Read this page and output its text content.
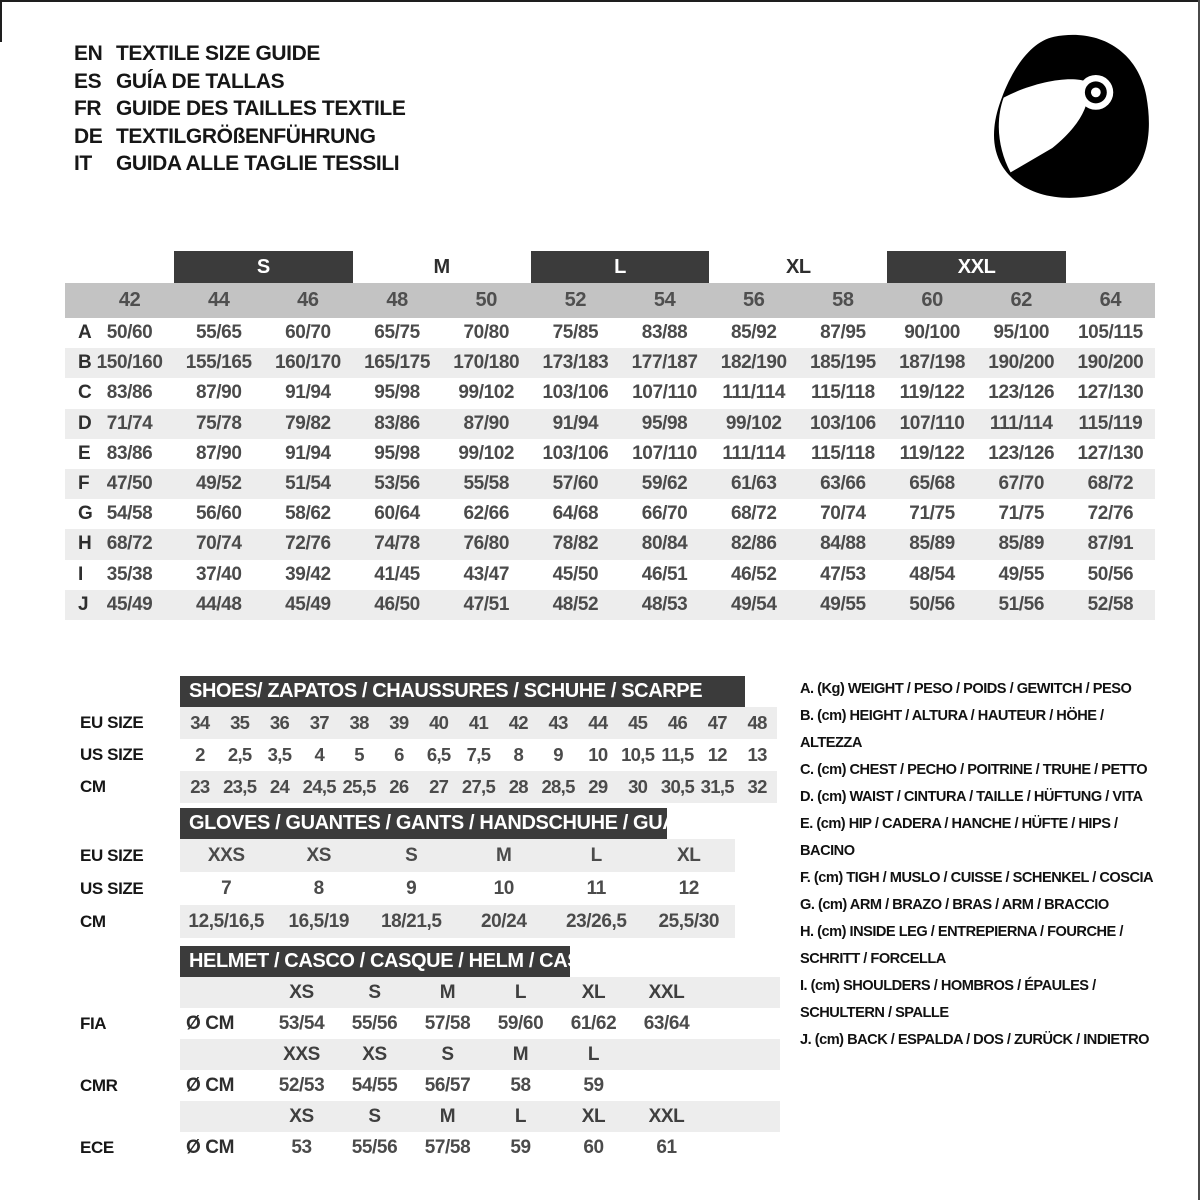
EN TEXTILE SIZE GUIDE
ES GUÍA DE TALLAS
FR GUIDE DES TAILLES TEXTILE
DE TEXTILGRÖßENFÜHRUNG
IT	GUIDA ALLE TAGLIE TESSILI
S	M	L	XL	XXL
42	44	46	48	50	52	54	56	58	60	62	64
A 50/60	55/65	60/70	65/75	70/80	75/85	83/88	85/92	87/95	90/100	95/100	105/115
B 150/160	155/165	160/170	165/175	170/180	173/183	177/187	182/190	185/195	187/198	190/200	190/200
C 83/86	87/90	91/94	95/98	99/102	103/106	107/110	111/114	115/118	119/122	123/126	127/130
D 71/74	75/78	79/82	83/86	87/90	91/94	95/98	99/102	103/106	107/110	111/114	115/119
E 83/86	87/90	91/94	95/98	99/102	103/106	107/110	111/114	115/118	119/122	123/126	127/130
F 47/50	49/52	51/54	53/56	55/58	57/60	59/62	61/63	63/66	65/68	67/70	68/72
G 54/58	56/60	58/62	60/64	62/66	64/68	66/70	68/72	70/74	71/75	71/75	72/76
H 68/72	70/74	72/76	74/78	76/80	78/82	80/84	82/86	84/88	85/89	85/89	87/91
I	35/38	37/40	39/42	41/45	43/47	45/50	46/51	46/52	47/53	48/54	49/55	50/56
J 45/49	44/48	45/49	46/50	47/51	48/52	48/53	49/54	49/55	50/56	51/56	52/58
SHOES/ ZAPATOS / CHAUSSURES / SCHUHE / SCARPE
EU SIZE	34	35	36	37	38	39	40	41	42	43	44	45	46	47	48
US SIZE	2	2,5 3,5	4	5	6	6,5 7,5	8	9	10 10,5 11,5 12	13
CM	23 23,5 24 24,5 25,5 26	27 27,5 28 28,5 29	30 30,5 31,5 32
GLOVES / GUANTES / GANTS / HANDSCHUHE / GUANTI
EU SIZE	XXS	XS	S	M	L	XL
US SIZE	7	8	9	10	11	12
CM	12,5/16,5	16,5/19	18/21,5	20/24	23/26,5	25,5/30
HELMET / CASCO / CASQUE / HELM / CASCO
XS	S	M	L	XL	XXL
FIA	Ø CM	53/54	55/56	57/58	59/60	61/62	63/64
XXS	XS	S	M	L
CMR	Ø CM	52/53	54/55	56/57	58	59
XS	S	M	L	XL	XXL
ECE	Ø CM	53	55/56	57/58	59	60	61
A. (Kg) WEIGHT / PESO / POIDS / GEWITCH / PESO
B. (cm) HEIGHT / ALTURA / HAUTEUR / HÖHE / ALTEZZA
C. (cm) CHEST / PECHO / POITRINE / TRUHE / PETTO
D. (cm) WAIST / CINTURA / TAILLE / HÜFTUNG / VITA
E. (cm) HIP / CADERA / HANCHE / HÜFTE / HIPS / BACINO
F. (cm) TIGH / MUSLO / CUISSE / SCHENKEL / COSCIA
G. (cm) ARM / BRAZO / BRAS / ARM / BRACCIO
H. (cm) INSIDE LEG / ENTREPIERNA / FOURCHE / SCHRITT / FORCELLA
I. (cm) SHOULDERS / HOMBROS / ÉPAULES / SCHULTERN / SPALLE
J. (cm) BACK / ESPALDA / DOS / ZURÜCK / INDIETRO
